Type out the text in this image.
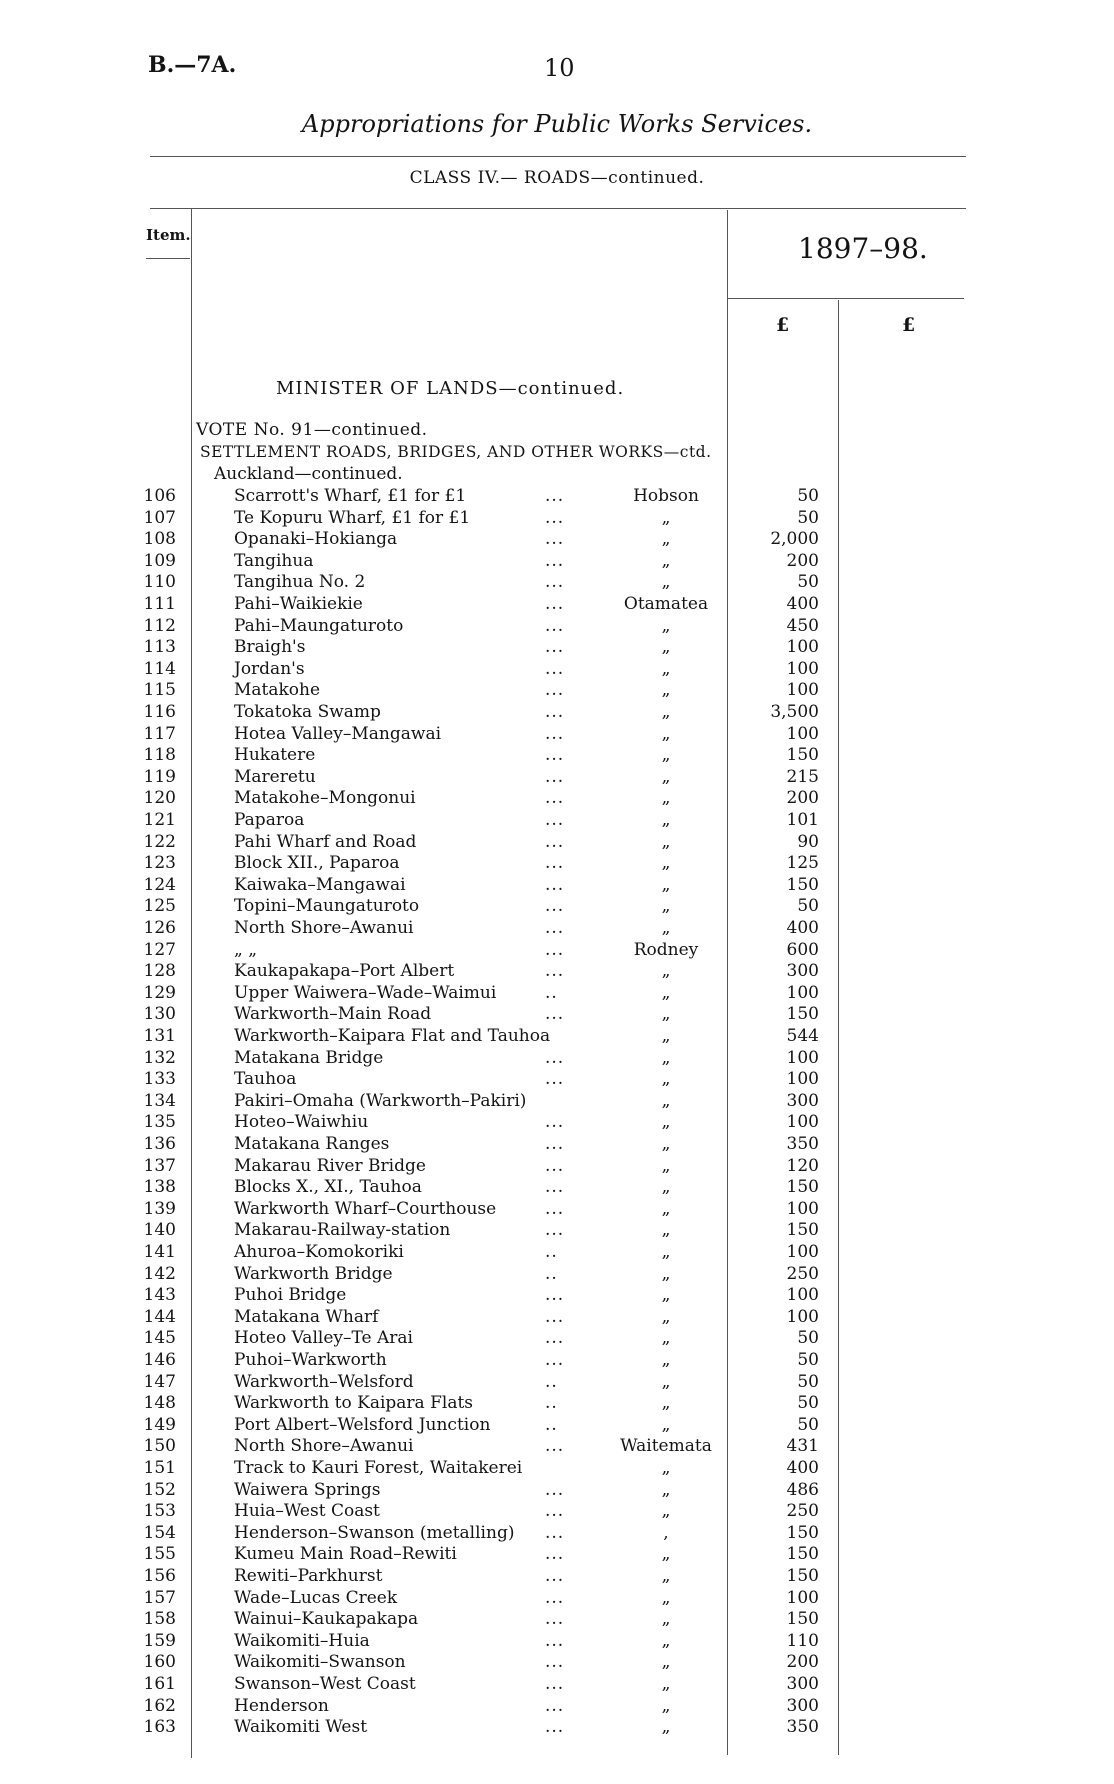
B.—7A.	10
Appropriations for Public Works Services.
CLASS IV.— ROADS—continued.
Item.	1897–98.
£	£
MINISTER OF LANDS—continued.
VOTE No. 91—continued.
SETTLEMENT ROADS, BRIDGES, AND OTHER WORKS—ctd.
Auckland—continued.
106	Scarrott's Wharf, £1 for £1	...	Hobson	50
107	Te Kopuru Wharf, £1 for £1	...	„	50
108	Opanaki–Hokianga	...	„	2,000
109	Tangihua	...	„	200
110	Tangihua No. 2	...	„	50
111	Pahi–Waikiekie	...	Otamatea	400
112	Pahi–Maungaturoto	...	„	450
113	Braigh's	...	„	100
114	Jordan's	...	„	100
115	Matakohe	...	„	100
116	Tokatoka Swamp	...	„	3,500
117	Hotea Valley–Mangawai	...	„	100
118	Hukatere	...	„	150
119	Mareretu	...	„	215
120	Matakohe–Mongonui	...	„	200
121	Paparoa	...	„	101
122	Pahi Wharf and Road	...	„	90
123	Block XII., Paparoa	...	„	125
124	Kaiwaka–Mangawai	...	„	150
125	Topini–Maungaturoto	...	„	50
126	North Shore–Awanui	...	„	400
127	„ „	...	Rodney	600
128	Kaukapakapa–Port Albert	...	„	300
129	Upper Waiwera–Wade–Waimui	..	„	100
130	Warkworth–Main Road	...	„	150
131	Warkworth–Kaipara Flat and Tauhoa	„	544
132	Matakana Bridge	...	„	100
133	Tauhoa	...	„	100
134	Pakiri–Omaha (Warkworth–Pakiri)	„	300
135	Hoteo–Waiwhiu	...	„	100
136	Matakana Ranges	...	„	350
137	Makarau River Bridge	...	„	120
138	Blocks X., XI., Tauhoa	...	„	150
139	Warkworth Wharf–Courthouse	...	„	100
140	Makarau-Railway-station	...	„	150
141	Ahuroa–Komokoriki	..	„	100
142	Warkworth Bridge	..	„	250
143	Puhoi Bridge	...	„	100
144	Matakana Wharf	...	„	100
145	Hoteo Valley–Te Arai	...	„	50
146	Puhoi–Warkworth	...	„	50
147	Warkworth–Welsford	..	„	50
148	Warkworth to Kaipara Flats	..	„	50
149	Port Albert–Welsford Junction	..	„	50
150	North Shore–Awanui	...	Waitemata	431
151	Track to Kauri Forest, Waitakerei	„	400
152	Waiwera Springs	...	„	486
153	Huia–West Coast	...	„	250
154	Henderson–Swanson (metalling) ...	,	150
155	Kumeu Main Road–Rewiti	...	„	150
156	Rewiti–Parkhurst	...	„	150
157	Wade–Lucas Creek	...	„	100
158	Wainui–Kaukapakapa	...	„	150
159	Waikomiti–Huia	...	„	110
160	Waikomiti–Swanson	...	„	200
161	Swanson–West Coast	...	„	300
162	Henderson	...	„	300
163	Waikomiti West	...	„	350
